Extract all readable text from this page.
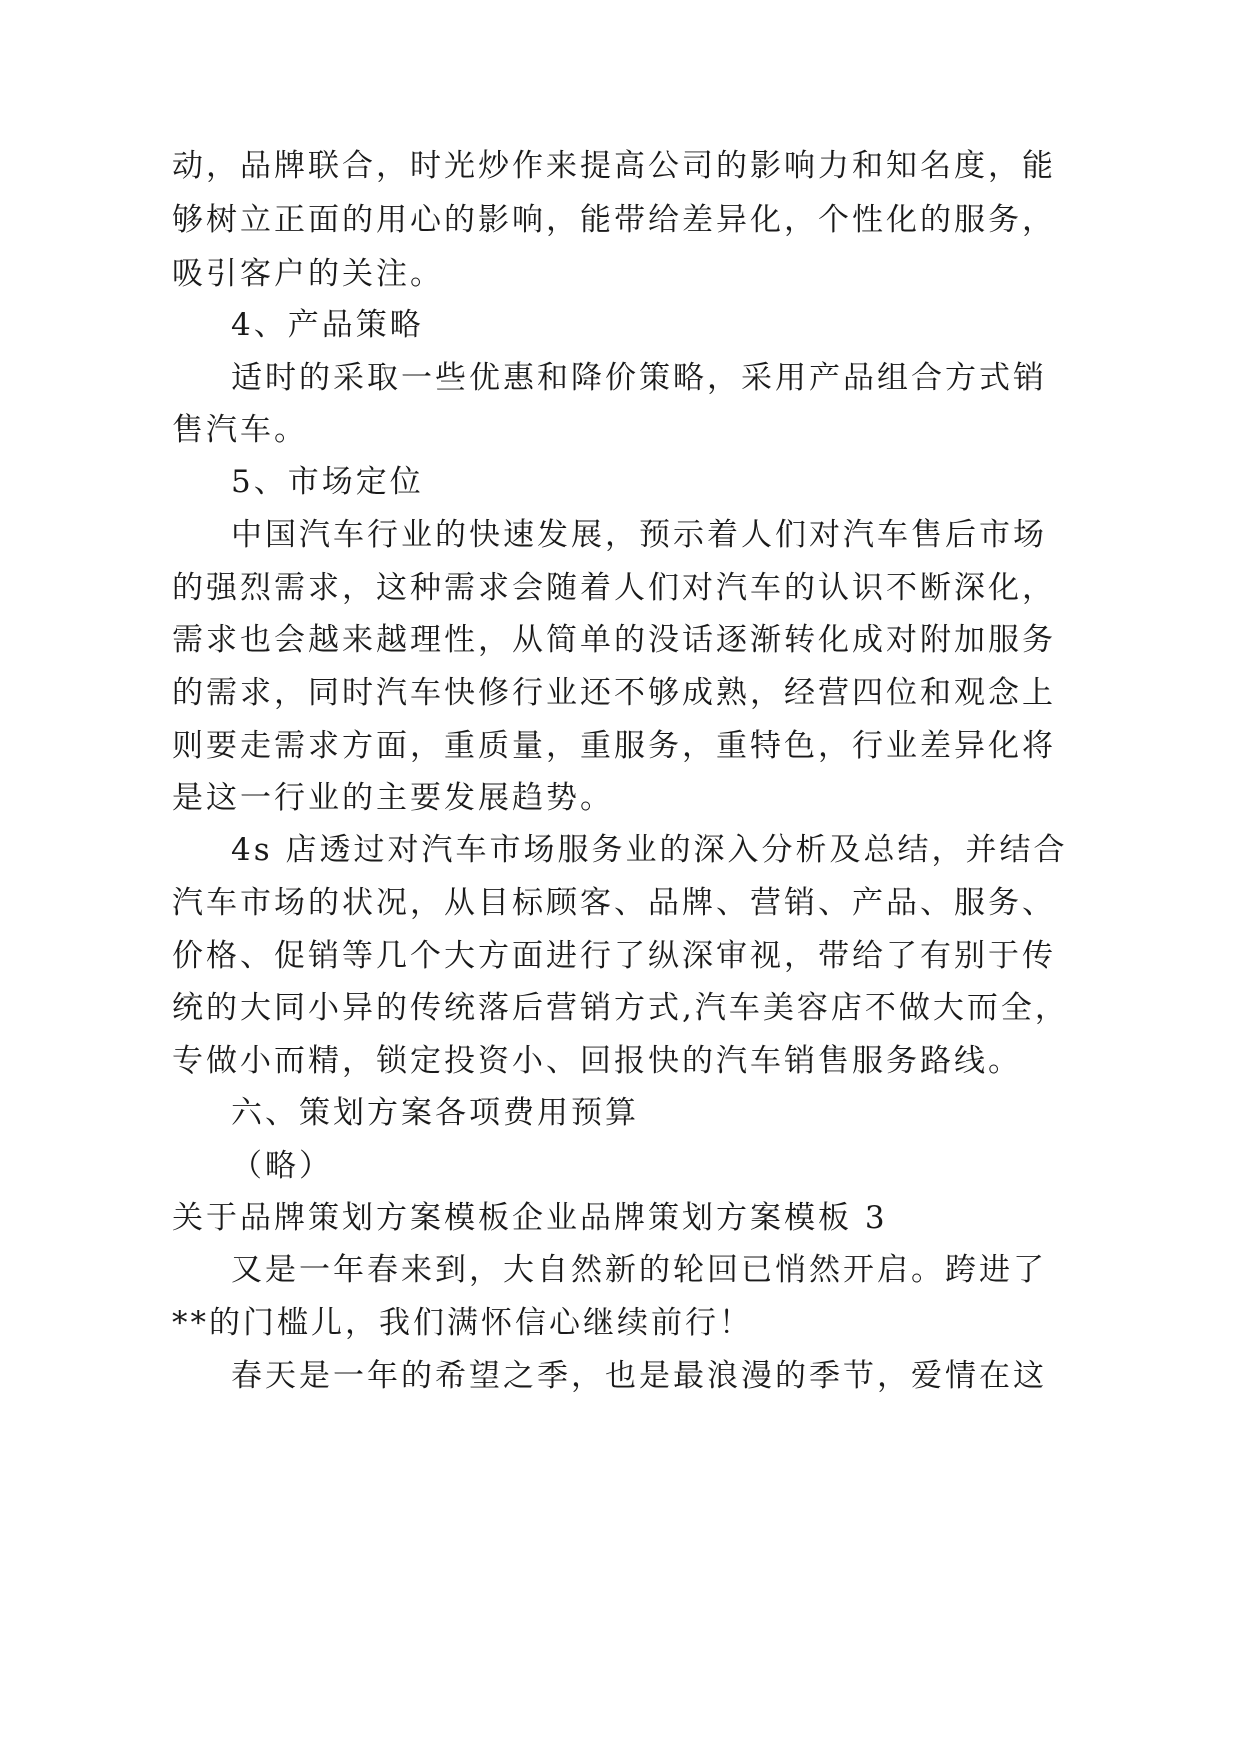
动，品牌联合，时光炒作来提高公司的影响力和知名度，能
够树立正面的用心的影响，能带给差异化，个性化的服务，
吸引客户的关注。
4、产品策略
适时的采取一些优惠和降价策略，采用产品组合方式销
售汽车。
5、市场定位
中国汽车行业的快速发展，预示着人们对汽车售后市场
的强烈需求，这种需求会随着人们对汽车的认识不断深化，
需求也会越来越理性，从简单的没话逐渐转化成对附加服务
的需求，同时汽车快修行业还不够成熟，经营四位和观念上
则要走需求方面，重质量，重服务，重特色，行业差异化将
是这一行业的主要发展趋势。
4s 店透过对汽车市场服务业的深入分析及总结，并结合
汽车市场的状况，从目标顾客、品牌、营销、产品、服务、
价格、促销等几个大方面进行了纵深审视，带给了有别于传
统的大同小异的传统落后营销方式,汽车美容店不做大而全，
专做小而精，锁定投资小、回报快的汽车销售服务路线。
六、策划方案各项费用预算
（略）
关于品牌策划方案模板企业品牌策划方案模板 3
又是一年春来到，大自然新的轮回已悄然开启。跨进了
**的门槛儿，我们满怀信心继续前行！
春天是一年的希望之季，也是最浪漫的季节，爱情在这
